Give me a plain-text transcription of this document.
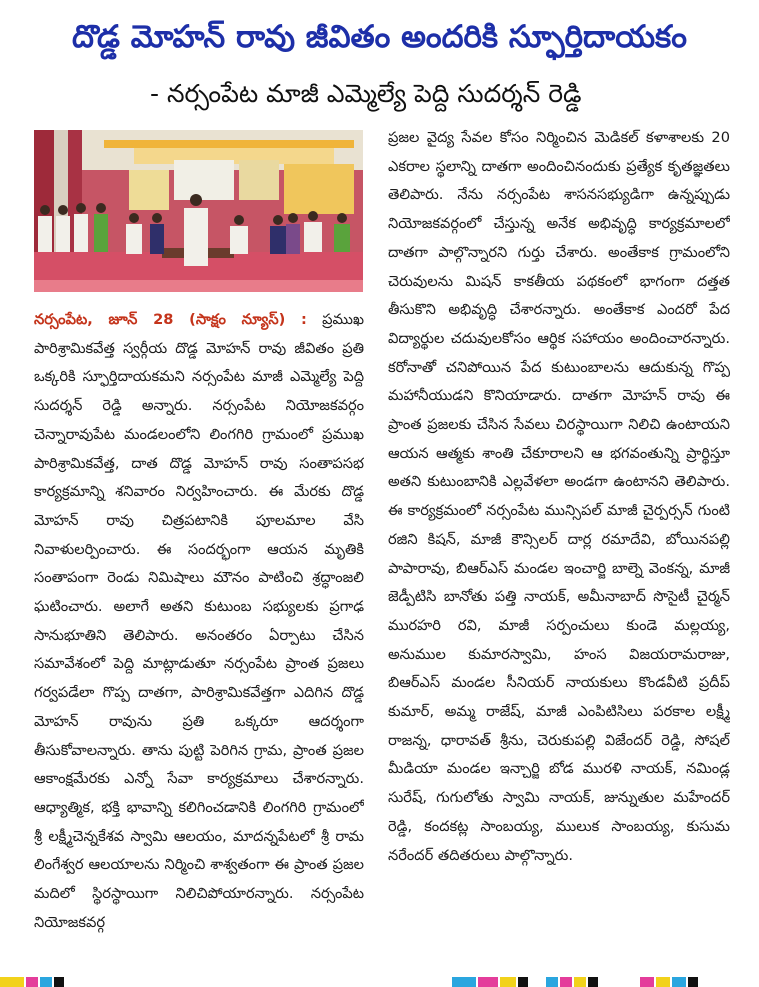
దొడ్డ మోహన్ రావు జీవితం అందరికి స్ఫూర్తిదాయకం
- నర్సంపేట మాజీ ఎమ్మెల్యే పెద్ది సుదర్శన్ రెడ్డి
నర్సంపేట, జూన్ 28 (సాక్షం న్యూస్) : ప్రముఖ పారిశ్రామికవేత్త స్వర్గీయ దొడ్డ మోహన్ రావు జీవితం ప్రతి ఒక్కరికి స్ఫూర్తిదాయకమని నర్సంపేట మాజీ ఎమ్మెల్యే పెద్ది సుదర్శన్ రెడ్డి అన్నారు. నర్సంపేట నియోజకవర్గం చెన్నారావుపేట మండలంలోని లింగగిరి గ్రామంలో ప్రముఖ పారిశ్రామికవేత్త, దాత దొడ్డ మోహన్ రావు సంతాపసభ కార్యక్రమాన్ని శనివారం నిర్వహించారు. ఈ మేరకు దొడ్డ మోహన్ రావు చిత్రపటానికి పూలమాల వేసి నివాళులర్పించారు. ఈ సందర్భంగా ఆయన మృతికి సంతాపంగా రెండు నిమిషాలు మౌనం పాటించి శ్రద్ధాంజలి ఘటించారు. అలాగే అతని కుటుంబ సభ్యులకు ప్రగాఢ సానుభూతిని తెలిపారు. అనంతరం ఏర్పాటు చేసిన సమావేశంలో పెద్ది మాట్లాడుతూ నర్సంపేట ప్రాంత ప్రజలు గర్వపడేలా గొప్ప దాతగా, పారిశ్రామికవేత్తగా ఎదిగిన దొడ్డ మోహన్ రావును ప్రతి ఒక్కరూ ఆదర్శంగా తీసుకోవాలన్నారు. తాను పుట్టి పెరిగిన గ్రామ, ప్రాంత ప్రజల ఆకాంక్షమేరకు ఎన్నో సేవా కార్యక్రమాలు చేశారన్నారు. ఆధ్యాత్మిక, భక్తి భావాన్ని కలిగించడానికి లింగగిరి గ్రామంలో శ్రీ లక్ష్మీచెన్నకేశవ స్వామి ఆలయం, మాదన్నపేటలో శ్రీ రామ లింగేశ్వర ఆలయాలను నిర్మించి శాశ్వతంగా ఈ ప్రాంత ప్రజల మదిలో స్థిరస్థాయిగా నిలిచిపోయారన్నారు. నర్సంపేట నియోజకవర్గ
ప్రజల వైద్య సేవల కోసం నిర్మించిన మెడికల్ కళాశాలకు 20 ఎకరాల స్థలాన్ని దాతగా అందించినందుకు ప్రత్యేక కృతజ్ఞతలు తెలిపారు. నేను నర్సంపేట శాసనసభ్యుడిగా ఉన్నప్పుడు నియోజకవర్గంలో చేస్తున్న అనేక అభివృద్ధి కార్యక్రమాలలో దాతగా పాల్గొన్నారని గుర్తు చేశారు. అంతేకాక గ్రామంలోని చెరువులను మిషన్ కాకతీయ పథకంలో భాగంగా దత్తత తీసుకొని అభివృద్ధి చేశారన్నారు. అంతేకాక ఎందరో పేద విద్యార్థుల చదువులకోసం ఆర్థిక సహాయం అందించారన్నారు. కరోనాతో చనిపోయిన పేద కుటుంబాలను ఆదుకున్న గొప్ప మహానీయుడని కొనియాడారు. దాతగా మోహన్ రావు ఈ ప్రాంత ప్రజలకు చేసిన సేవలు చిరస్థాయిగా నిలిచి ఉంటాయని ఆయన ఆత్మకు శాంతి చేకూరాలని ఆ భగవంతున్ని ప్రార్థిస్తూ అతని కుటుంబానికి ఎల్లవేళలా అండగా ఉంటానని తెలిపారు. ఈ కార్యక్రమంలో నర్సంపేట మున్సిపల్ మాజీ చైర్పర్సన్ గుంటి రజిని కిషన్, మాజీ కౌన్సిలర్ దార్ల రమాదేవి, బోయినపల్లి పాపారావు, బిఆర్ఎస్ మండల ఇంచార్జి బాల్నె వెంకన్న, మాజీ జెడ్పీటిసి బానోతు పత్తి నాయక్, అమీనాబాద్ సొసైటీ చైర్మన్ మురహరి రవి, మాజీ సర్పంచులు కుండె మల్లయ్య, అనుముల కుమారస్వామి, హంస విజయరామరాజు, బిఆర్ఎస్ మండల సీనియర్ నాయకులు కొండవీటి ప్రదీప్ కుమార్, అమ్మ రాజేష్, మాజీ ఎంపిటిసిలు పరకాల లక్ష్మీ రాజన్న, ధారావత్ శ్రీను, చెరుకుపల్లి విజేందర్ రెడ్డి, సోషల్ మీడియా మండల ఇన్చార్జి బోడ మురళి నాయక్, నమిండ్ల సురేష్, గుగులోతు స్వామి నాయక్, జున్నుతుల మహేందర్ రెడ్డి, కందకట్ల సాంబయ్య, ములుక సాంబయ్య, కుసుమ నరేందర్ తదితరులు పాల్గొన్నారు.
